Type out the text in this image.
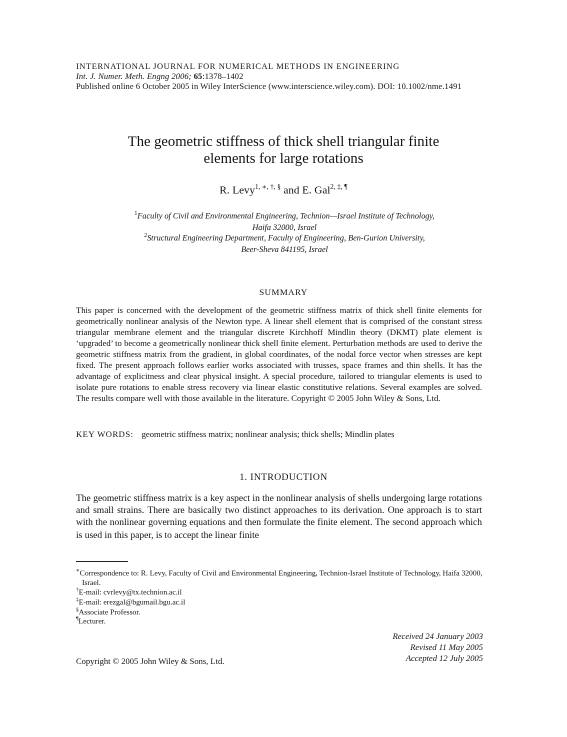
INTERNATIONAL JOURNAL FOR NUMERICAL METHODS IN ENGINEERING
Int. J. Numer. Meth. Engng 2006; 65:1378–1402
Published online 6 October 2005 in Wiley InterScience (www.interscience.wiley.com). DOI: 10.1002/nme.1491
The geometric stiffness of thick shell triangular finite
elements for large rotations
R. Levy$^{1, ∗, \dagger, \S}$ and E. Gal$^{2, \ddagger, \P}$
$^1$Faculty of Civil and Environmental Engineering, Technion—Israel Institute of Technology,
Haifa 32000, Israel
$^2$Structural Engineering Department, Faculty of Engineering, Ben-Gurion University,
Beer-Sheva 841195, Israel
SUMMARY
This paper is concerned with the development of the geometric stiffness matrix of thick shell finite elements for geometrically nonlinear analysis of the Newton type. A linear shell element that is comprised of the constant stress triangular membrane element and the triangular discrete Kirchhoff Mindlin theory (DKMT) plate element is ‘upgraded’ to become a geometrically nonlinear thick shell finite element. Perturbation methods are used to derive the geometric stiffness matrix from the gradient, in global coordinates, of the nodal force vector when stresses are kept fixed. The present approach follows earlier works associated with trusses, space frames and thin shells. It has the advantage of explicitness and clear physical insight. A special procedure, tailored to triangular elements is used to isolate pure rotations to enable stress recovery via linear elastic constitutive relations. Several examples are solved. The results compare well with those available in the literature. Copyright © 2005 John Wiley & Sons, Ltd.
KEY WORDS: geometric stiffness matrix; nonlinear analysis; thick shells; Mindlin plates
1. INTRODUCTION
The geometric stiffness matrix is a key aspect in the nonlinear analysis of shells undergoing large rotations and small strains. There are basically two distinct approaches to its derivation. One approach is to start with the nonlinear governing equations and then formulate the finite element. The second approach which is used in this paper, is to accept the linear finite
∗Correspondence to: R. Levy, Faculty of Civil and Environmental Engineering, Technion-Israel Institute of Technology, Haifa 32000, Israel.
†E-mail: cvrlevy@tx.technion.ac.il
‡E-mail: erezgal@bgumail.bgu.ac.il
§Associate Professor.
¶Lecturer.
Received 24 January 2003
Revised 11 May 2005
Accepted 12 July 2005
Copyright © 2005 John Wiley & Sons, Ltd.
